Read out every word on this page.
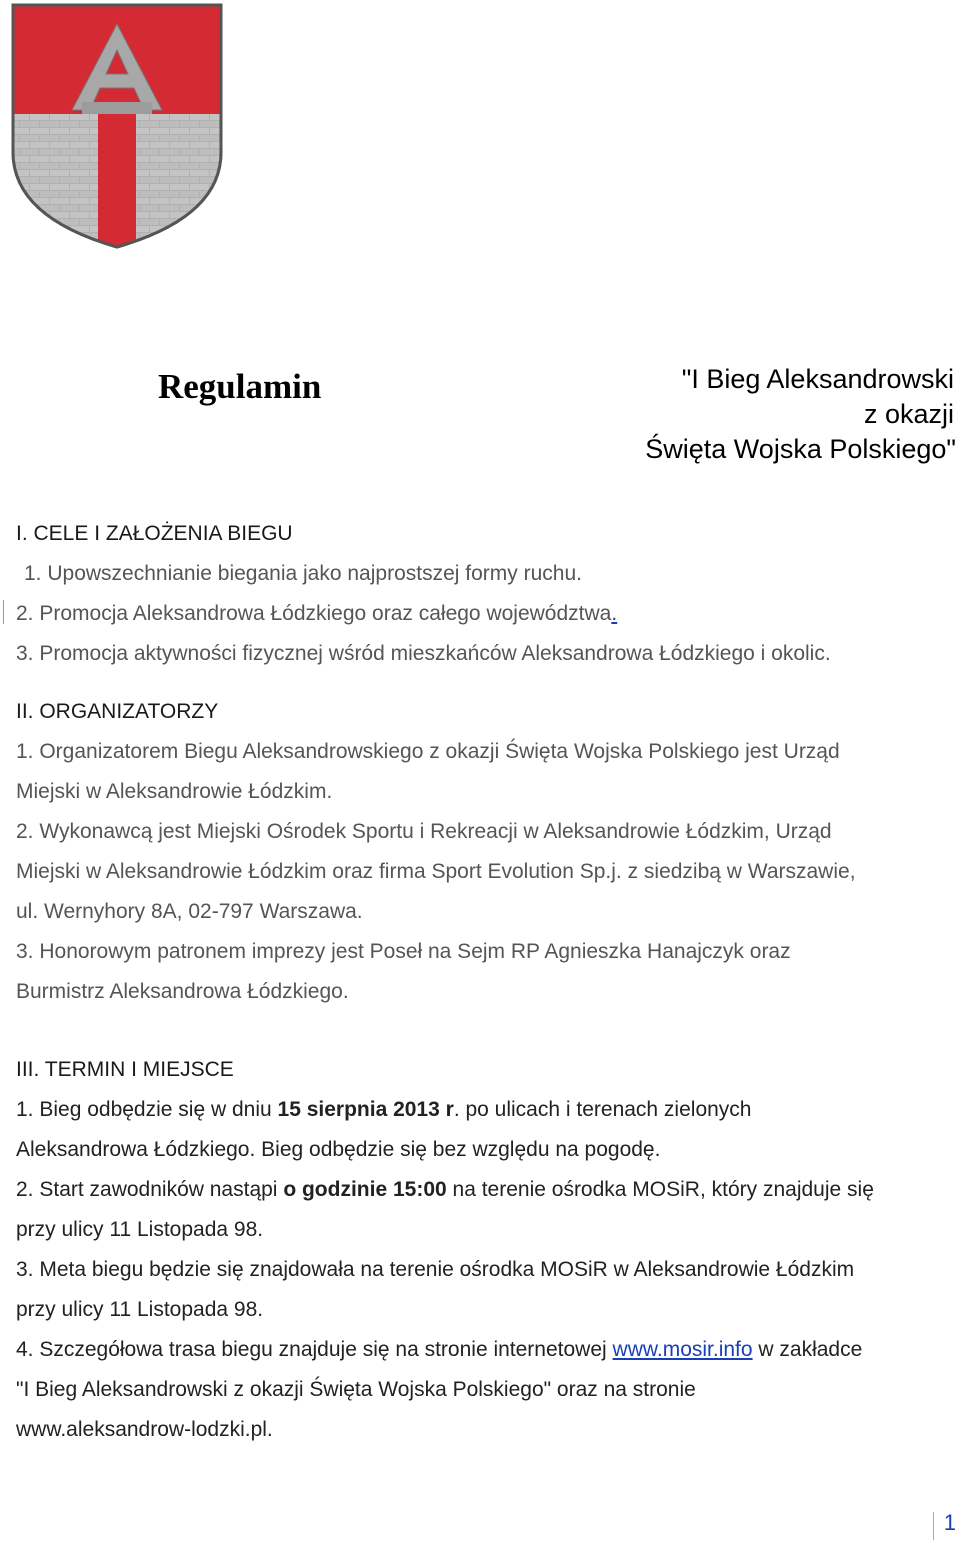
Regulamin	"I Bieg Aleksandrowski
z okazji
Święta Wojska Polskiego"

I. CELE I ZAŁOŻENIA BIEGU

1. Upowszechnianie biegania jako najprostszej formy ruchu.

2. Promocja Aleksandrowa Łódzkiego oraz całego województwa.

3. Promocja aktywności fizycznej wśród mieszkańców Aleksandrowa Łódzkiego i okolic.

II. ORGANIZATORZY

1. Organizatorem Biegu Aleksandrowskiego z okazji Święta Wojska Polskiego jest Urząd

Miejski w Aleksandrowie Łódzkim.

2. Wykonawcą jest Miejski Ośrodek Sportu i Rekreacji w Aleksandrowie Łódzkim, Urząd

Miejski w Aleksandrowie Łódzkim oraz firma Sport Evolution Sp.j. z siedzibą w Warszawie,

ul. Wernyhory 8A, 02-797 Warszawa.

3. Honorowym patronem imprezy jest Poseł na Sejm RP Agnieszka Hanajczyk oraz

Burmistrz Aleksandrowa Łódzkiego.

III. TERMIN I MIEJSCE

1. Bieg odbędzie się w dniu 15 sierpnia 2013 r. po ulicach i terenach zielonych

Aleksandrowa Łódzkiego. Bieg odbędzie się bez względu na pogodę.

2. Start zawodników nastąpi o godzinie 15:00 na terenie ośrodka MOSiR, który znajduje się

przy ulicy 11 Listopada 98.

3. Meta biegu będzie się znajdowała na terenie ośrodka MOSiR w Aleksandrowie Łódzkim

przy ulicy 11 Listopada 98.

4. Szczegółowa trasa biegu znajduje się na stronie internetowej www.mosir.info w zakładce

"I Bieg Aleksandrowski z okazji Święta Wojska Polskiego" oraz na stronie

www.aleksandrow-lodzki.pl.

1
